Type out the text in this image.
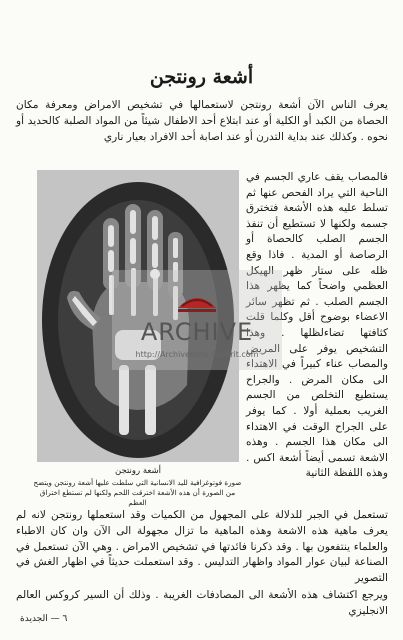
أشعة رونتجن
يعرف الناس الآن أشعة رونتجن لاستعمالها في تشخيص الامراض ومعرفة مكان الحصاة من الكبد أو الكلية أو عند ابتلاع أحد الاطفال شيئاً من المواد الصلبة كالحديد أو نحوه . وكذلك عند بداية التدرن أو عند اصابة أحد الافراد بعيار ناري
أشعة رونتجن
صورة فوتوغرافية لليد الانسانية التي سلطت عليها أشعة رونتجن ويتضح من الصورة أن هذه الأشعة اخترقت اللحم ولكنها لم تستطع اختراق العظم
فالمصاب يقف عاري الجسم في الناحية التي يراد الفحص عنها ثم تسلط عليه هذه الأشعة فتخترق جسمه ولكنها لا تستطيع أن تنفذ الجسم الصلب كالحصاة أو الرصاصة أو المدية . فاذا وقع ظله على ستار ظهر الهيكل العظمي واضحاً كما يظهر هذا الجسم الصلب . ثم تظهر سائر الاعضاء بوضوح أقل وكلما قلت كثافتها تضاءلظلها . وهذا التشخيص يوفر على المريض والمصاب عناء كبيراً في الاهتداء الى مكان المرض . والجراح يستطيع التخلص من الجسم الغريب بعملية أولا . كما يوفر على الجراح الوقت في الاهتداء الى مكان هذا الجسم . وهذه الاشعة تسمى أيضاً أشعة اكس . وهذه اللفظة الثانية
تستعمل في الجبر للدلالة على المجهول من الكميات وقد استعملها رونتجن لانه لم يعرف ماهية هذه الاشعة وهذه الماهية ما تزال مجهولة الى الآن وان كان الاطباء والعلماء ينتفعون بها . وقد ذكرنا فائدتها في تشخيص الامراض . وهي الآن تستعمل في الصناعة لبيان عوار المواد واظهار التدليس . وقد استعملت حديثاً في اظهار الغش في التصوير
ويرجع اكتشاف هذه الأشعة الى المصادفات الغريبة . وذلك أن السير كروكس العالم الانجليزي
ARCHIVE
http://Archivebeta.Sakhrit.com
٦ — الجديدة
